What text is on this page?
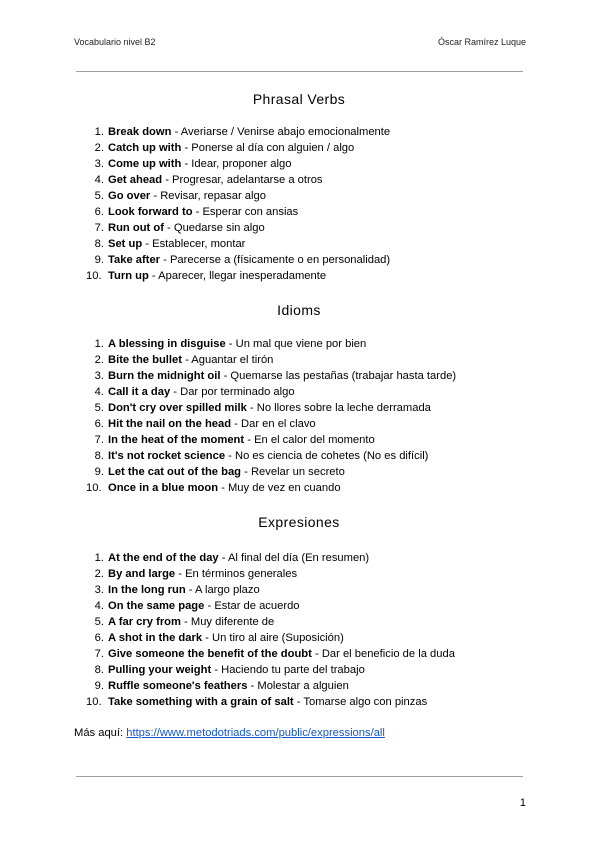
Vocabulario nivel B2	Óscar Ramírez Luque
Phrasal Verbs
1. Break down - Averiarse / Venirse abajo emocionalmente
2. Catch up with - Ponerse al día con alguien / algo
3. Come up with - Idear, proponer algo
4. Get ahead - Progresar, adelantarse a otros
5. Go over - Revisar, repasar algo
6. Look forward to - Esperar con ansias
7. Run out of - Quedarse sin algo
8. Set up - Establecer, montar
9. Take after - Parecerse a (físicamente o en personalidad)
10. Turn up - Aparecer, llegar inesperadamente
Idioms
1. A blessing in disguise - Un mal que viene por bien
2. Bite the bullet - Aguantar el tirón
3. Burn the midnight oil - Quemarse las pestañas (trabajar hasta tarde)
4. Call it a day - Dar por terminado algo
5. Don't cry over spilled milk - No llores sobre la leche derramada
6. Hit the nail on the head - Dar en el clavo
7. In the heat of the moment - En el calor del momento
8. It's not rocket science - No es ciencia de cohetes (No es difícil)
9. Let the cat out of the bag - Revelar un secreto
10. Once in a blue moon - Muy de vez en cuando
Expresiones
1. At the end of the day - Al final del día (En resumen)
2. By and large - En términos generales
3. In the long run - A largo plazo
4. On the same page - Estar de acuerdo
5. A far cry from - Muy diferente de
6. A shot in the dark - Un tiro al aire (Suposición)
7. Give someone the benefit of the doubt - Dar el beneficio de la duda
8. Pulling your weight - Haciendo tu parte del trabajo
9. Ruffle someone's feathers - Molestar a alguien
10. Take something with a grain of salt - Tomarse algo con pinzas
Más aquí: https://www.metodotriads.com/public/expressions/all
1
